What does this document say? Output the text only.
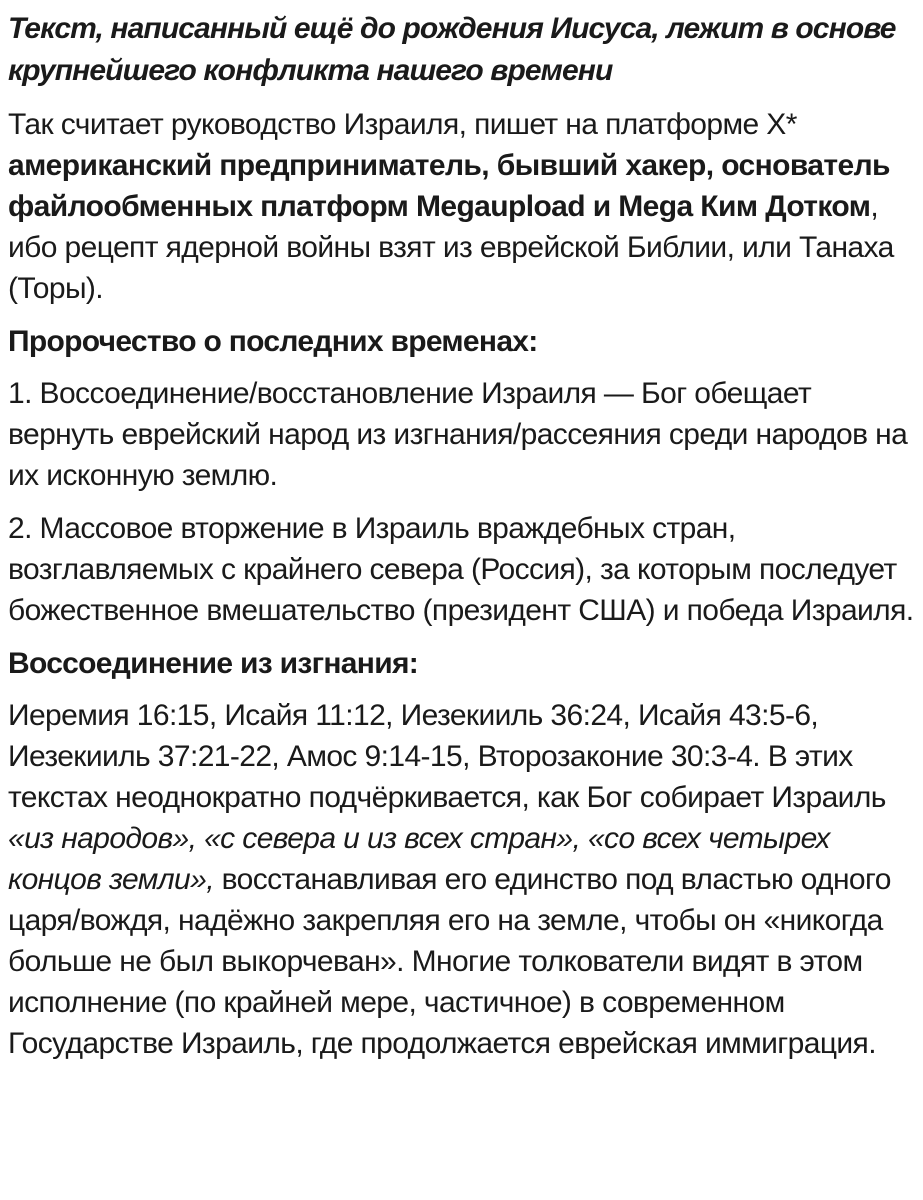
Текст, написанный ещё до рождения Иисуса, лежит в основе крупнейшего конфликта нашего времени

Так считает руководство Израиля, пишет на платформе Х* американский предприниматель, бывший хакер, основатель файлообменных платформ Megaupload и Mega Ким Дотком, ибо рецепт ядерной войны взят из еврейской Библии, или Танаха (Торы).

Пророчество о последних временах:

1. Воссоединение/восстановление Израиля — Бог обещает вернуть еврейский народ из изгнания/рассеяния среди народов на их исконную землю.

2. Массовое вторжение в Израиль враждебных стран, возглавляемых с крайнего севера (Россия), за которым последует божественное вмешательство (президент США) и победа Израиля.

Воссоединение из изгнания:

Иеремия 16:15, Исайя 11:12, Иезекииль 36:24, Исайя 43:5-6, Иезекииль 37:21-22, Амос 9:14-15, Второзаконие 30:3-4. В этих текстах неоднократно подчёркивается, как Бог собирает Израиль «из народов», «с севера и из всех стран», «со всех четырех концов земли», восстанавливая его единство под властью одного царя/вождя, надёжно закрепляя его на земле, чтобы он «никогда больше не был выкорчеван». Многие толкователи видят в этом исполнение (по крайней мере, частичное) в современном Государстве Израиль, где продолжается еврейская иммиграция.
